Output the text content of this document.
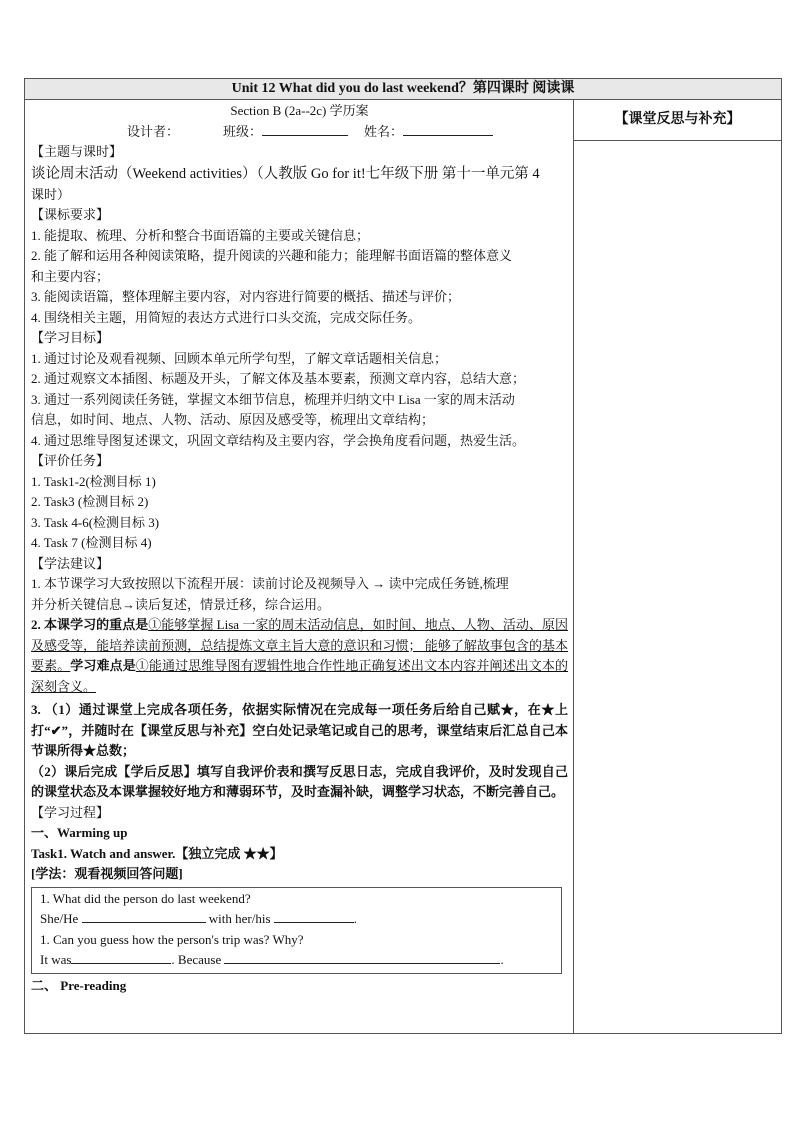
Unit 12 What did you do last weekend？第四课时 阅读课
Section B (2a--2c) 学历案
设计者：	班级：	姓名：
【主题与课时】
谈论周末活动（Weekend activities）（人教版 Go for it!七年级下册 第十一单元第 4
课时）
【课标要求】
1. 能提取、梳理、分析和整合书面语篇的主要或关键信息；
2. 能了解和运用各种阅读策略，提升阅读的兴趣和能力；能理解书面语篇的整体意义
和主要内容；
3. 能阅读语篇，整体理解主要内容，对内容进行简要的概括、描述与评价；
4. 围绕相关主题，用简短的表达方式进行口头交流，完成交际任务。
【学习目标】
1. 通过讨论及观看视频、回顾本单元所学句型，了解文章话题相关信息；
2. 通过观察文本插图、标题及开头，了解文体及基本要素，预测文章内容，总结大意；
3. 通过一系列阅读任务链，掌握文本细节信息，梳理并归纳文中 Lisa 一家的周末活动
信息，如时间、地点、人物、活动、原因及感受等，梳理出文章结构；
4. 通过思维导图复述课文，巩固文章结构及主要内容，学会换角度看问题，热爱生活。
【评价任务】
1. Task1-2(检测目标 1)
2. Task3 (检测目标 2)
3. Task 4-6(检测目标 3)
4. Task 7 (检测目标 4)
【学法建议】
1. 本节课学习大致按照以下流程开展：读前讨论及视频导入 → 读中完成任务链,梳理
并分析关键信息→读后复述，情景迁移，综合运用。
2. 本课学习的重点是①能够掌握 Lisa 一家的周末活动信息，如时间、地点、人物、活动、原因及感受等，能培养读前预测，总结提炼文章主旨大意的意识和习惯； 能够了解故事包含的基本要素。学习难点是①能通过思维导图有逻辑性地合作性地正确复述出文本内容并阐述出文本的深刻含义。
3. （1）通过课堂上完成各项任务，依据实际情况在完成每一项任务后给自己赋★，在★上打“✔”，并随时在【课堂反思与补充】空白处记录笔记或自己的思考，课堂结束后汇总自己本节课所得★总数；
（2）课后完成【学后反思】填写自我评价表和撰写反思日志，完成自我评价，及时发现自己的课堂状态及本课掌握较好地方和薄弱环节，及时查漏补缺，调整学习状态，不断完善自己。
【学习过程】
一、Warming up
Task1. Watch and answer.【独立完成 ★★】
[学法：观看视频回答问题]
1. What did the person do last weekend?
She/He	with her/his	.
1. Can you guess how the person's trip was? Why?
It was	. Because	.
二、 Pre-reading
【课堂反思与补充】
